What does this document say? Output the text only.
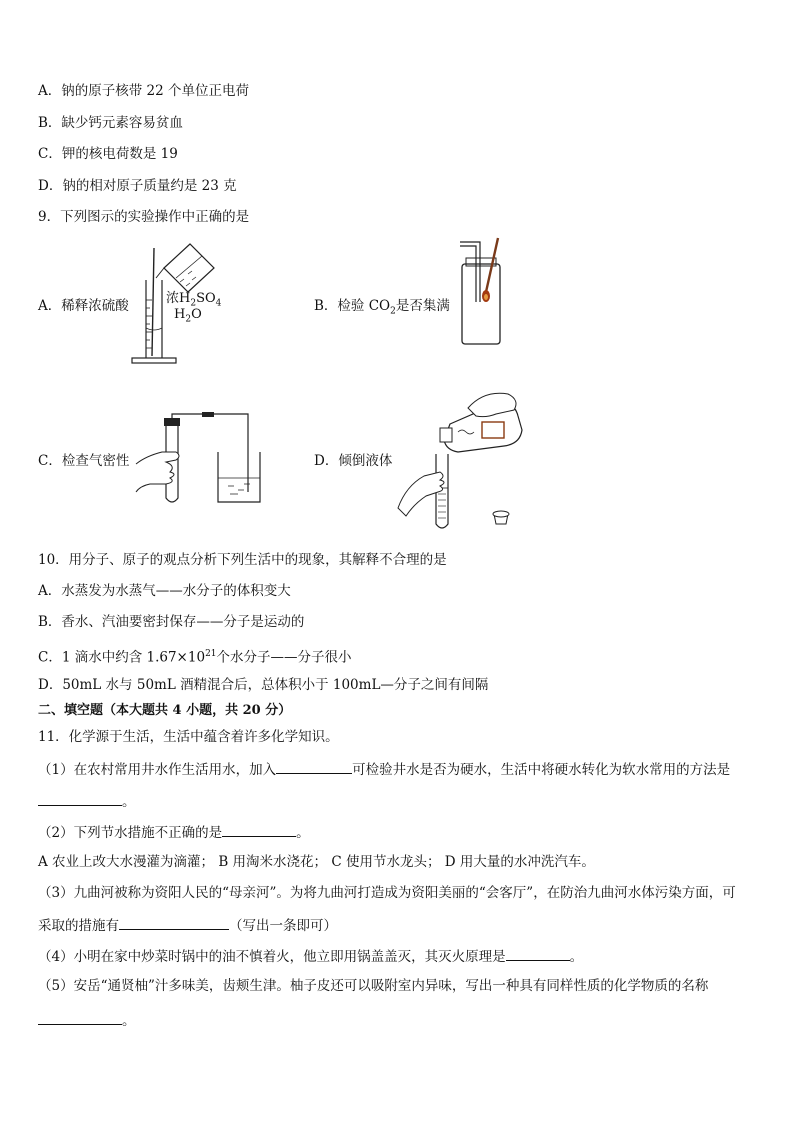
A．钠的原子核带 22 个单位正电荷
B．缺少钙元素容易贫血
C．钾的核电荷数是 19
D．钠的相对原子质量约是 23 克
9．下列图示的实验操作中正确的是
A．稀释浓硫酸	浓$H_2SO_4$
$H_2O$
B．检验 $CO_2$是否集满
C．检查气密性	D．倾倒液体
10．用分子、原子的观点分析下列生活中的现象，其解释不合理的是
A．水蒸发为水蒸气——水分子的体积变大
B．香水、汽油要密封保存——分子是运动的
C．1 滴水中约含 $1.67\times 10^{21}$个水分子——分子很小
D．50mL 水与 50mL 酒精混合后，总体积小于 100mL—分子之间有间隔
二、填空题（本大题共 4 小题，共 20 分）
11．化学源于生活，生活中蕴含着许多化学知识。
（1）在农村常用井水作生活用水，加入	可检验井水是否为硬水，生活中将硬水转化为软水常用的方法是
。
（2）下列节水措施不正确的是	。
A 农业上改大水漫灌为滴灌； B 用淘米水浇花； C 使用节水龙头； D 用大量的水冲洗汽车。
（3）九曲河被称为资阳人民的“母亲河”。为将九曲河打造成为资阳美丽的“会客厅”，在防治九曲河水体污染方面，可
采取的措施有	（写出一条即可）
（4）小明在家中炒菜时锅中的油不慎着火，他立即用锅盖盖灭，其灭火原理是	。
（5）安岳“通贤柚”汁多味美，齿颊生津。柚子皮还可以吸附室内异味，写出一种具有同样性质的化学物质的名称
。
